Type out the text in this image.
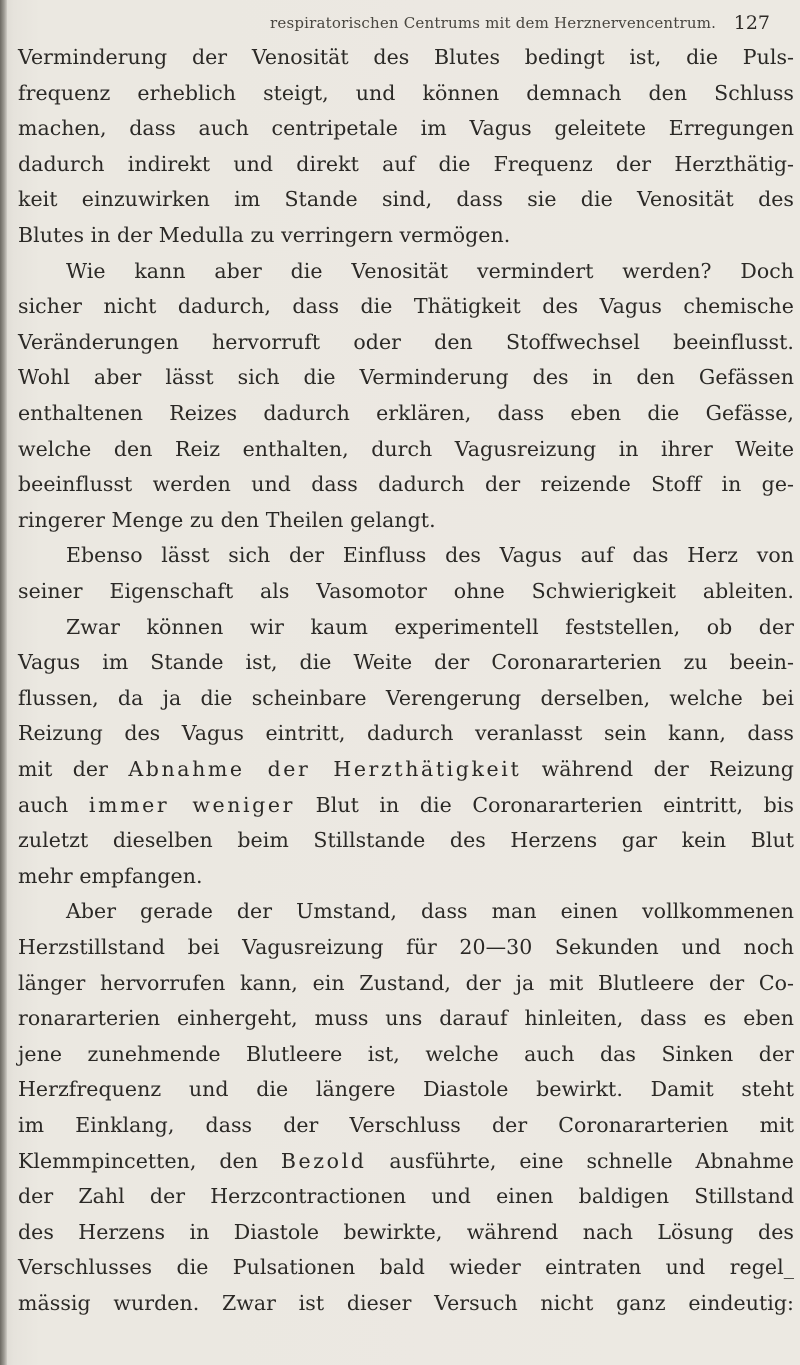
respiratorischen Centrums mit dem Herznervencentrum. 127
Verminderung der Venosität des Blutes bedingt ist, die Puls-
frequenz erheblich steigt, und können demnach den Schluss
machen, dass auch centripetale im Vagus geleitete Erregungen
dadurch indirekt und direkt auf die Frequenz der Herzthätig-
keit einzuwirken im Stande sind, dass sie die Venosität des
Blutes in der Medulla zu verringern vermögen.
Wie kann aber die Venosität vermindert werden? Doch
sicher nicht dadurch, dass die Thätigkeit des Vagus chemische
Veränderungen hervorruft oder den Stoffwechsel beeinflusst.
Wohl aber lässt sich die Verminderung des in den Gefässen
enthaltenen Reizes dadurch erklären, dass eben die Gefässe,
welche den Reiz enthalten, durch Vagusreizung in ihrer Weite
beeinflusst werden und dass dadurch der reizende Stoff in ge-
ringerer Menge zu den Theilen gelangt.
Ebenso lässt sich der Einfluss des Vagus auf das Herz von
seiner Eigenschaft als Vasomotor ohne Schwierigkeit ableiten.
Zwar können wir kaum experimentell feststellen, ob der
Vagus im Stande ist, die Weite der Coronararterien zu beein-
flussen, da ja die scheinbare Verengerung derselben, welche bei
Reizung des Vagus eintritt, dadurch veranlasst sein kann, dass
mit der Abnahme der Herzthätigkeit während der Reizung
auch immer weniger Blut in die Coronararterien eintritt, bis
zuletzt dieselben beim Stillstande des Herzens gar kein Blut
mehr empfangen.
Aber gerade der Umstand, dass man einen vollkommenen
Herzstillstand bei Vagusreizung für 20—30 Sekunden und noch
länger hervorrufen kann, ein Zustand, der ja mit Blutleere der Co-
ronararterien einhergeht, muss uns darauf hinleiten, dass es eben
jene zunehmende Blutleere ist, welche auch das Sinken der
Herzfrequenz und die längere Diastole bewirkt. Damit steht
im Einklang, dass der Verschluss der Coronararterien mit
Klemmpincetten, den Bezold ausführte, eine schnelle Abnahme
der Zahl der Herzcontractionen und einen baldigen Stillstand
des Herzens in Diastole bewirkte, während nach Lösung des
Verschlusses die Pulsationen bald wieder eintraten und regel_
mässig wurden. Zwar ist dieser Versuch nicht ganz eindeutig:
